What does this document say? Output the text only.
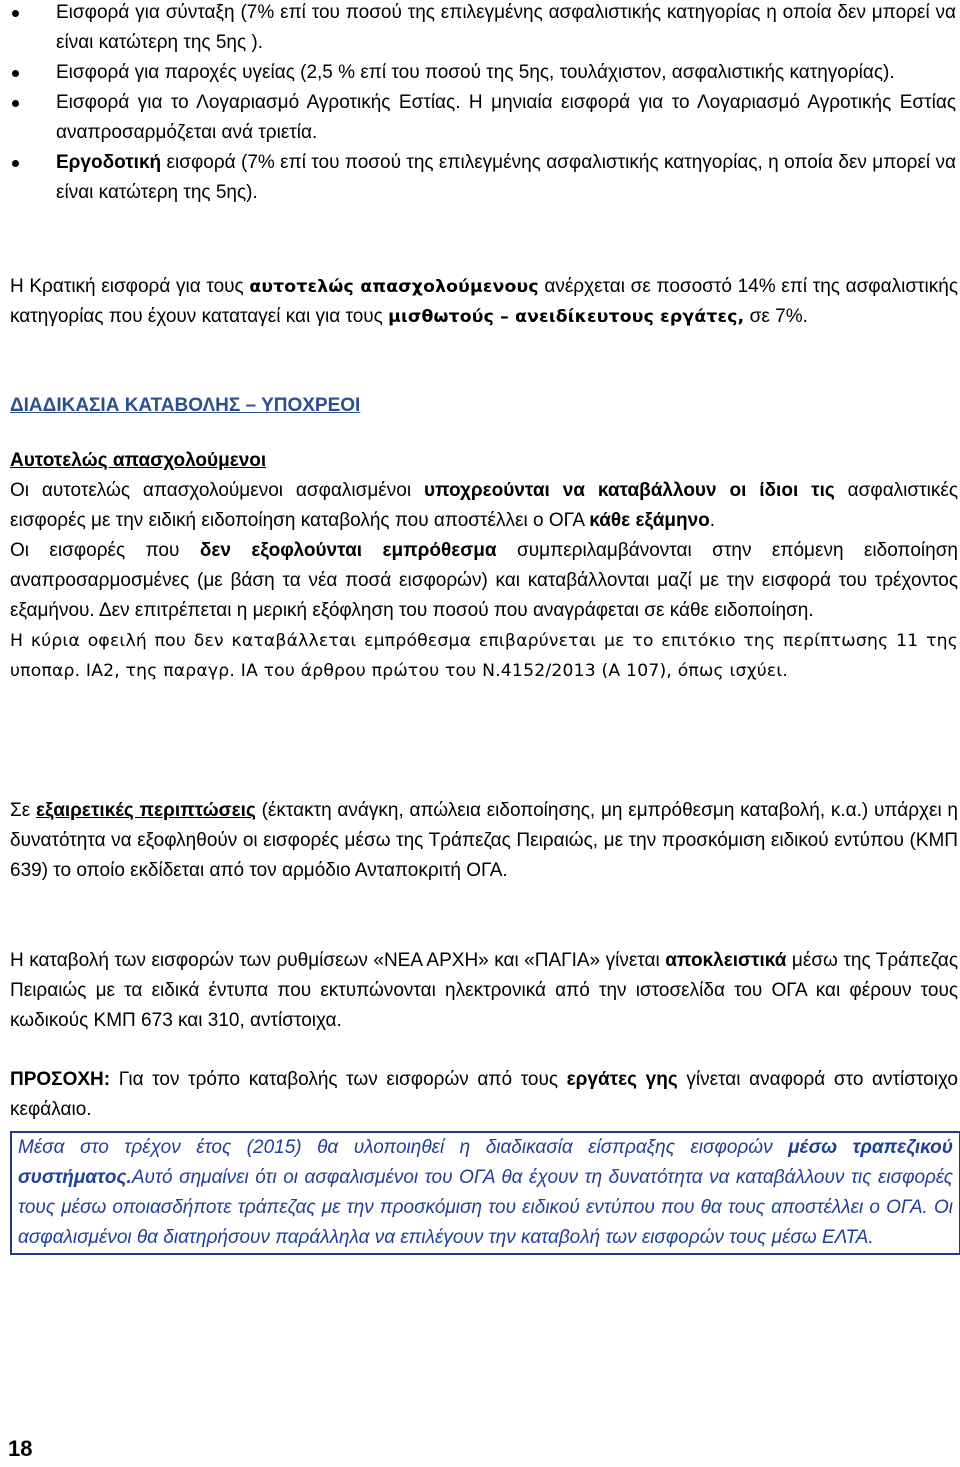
Εισφορά για σύνταξη (7% επί του ποσού της επιλεγμένης ασφαλιστικής κατηγορίας η οποία δεν μπορεί να είναι κατώτερη της 5ης ).
Εισφορά για παροχές υγείας (2,5 % επί του ποσού της 5ης, τουλάχιστον, ασφαλιστικής κατηγορίας).
Εισφορά για το Λογαριασμό Αγροτικής Εστίας. Η μηνιαία εισφορά για το Λογαριασμό Αγροτικής Εστίας αναπροσαρμόζεται ανά τριετία.
Εργοδοτική εισφορά (7% επί του ποσού της επιλεγμένης ασφαλιστικής κατηγορίας, η οποία δεν μπορεί να είναι κατώτερη της 5ης).

Η Κρατική εισφορά για τους αυτοτελώς απασχολούμενους ανέρχεται σε ποσοστό 14% επί της ασφαλιστικής κατηγορίας που έχουν καταταγεί και για τους μισθωτούς – ανειδίκευτους εργάτες, σε 7%.

ΔΙΑΔΙΚΑΣΙΑ ΚΑΤΑΒΟΛΗΣ – ΥΠΟΧΡΕΟΙ

Αυτοτελώς απασχολούμενοι

Οι αυτοτελώς απασχολούμενοι ασφαλισμένοι υποχρεούνται να καταβάλλουν οι ίδιοι τις ασφαλιστικές εισφορές με την ειδική ειδοποίηση καταβολής που αποστέλλει ο ΟΓΑ κάθε εξάμηνο.

Οι εισφορές που δεν εξοφλούνται εμπρόθεσμα συμπεριλαμβάνονται στην επόμενη ειδοποίηση αναπροσαρμοσμένες (με βάση τα νέα ποσά εισφορών) και καταβάλλονται μαζί με την εισφορά του τρέχοντος εξαμήνου. Δεν επιτρέπεται η μερική εξόφληση του ποσού που αναγράφεται σε κάθε ειδοποίηση.

Η κύρια οφειλή που δεν καταβάλλεται εμπρόθεσμα επιβαρύνεται με το επιτόκιο της περίπτωσης 11 της υποπαρ. ΙΑ2, της παραγρ. ΙΑ του άρθρου πρώτου του Ν.4152/2013 (Α 107), όπως ισχύει.

Σε εξαιρετικές περιπτώσεις (έκτακτη ανάγκη, απώλεια ειδοποίησης, μη εμπρόθεσμη καταβολή, κ.α.) υπάρχει η δυνατότητα να εξοφληθούν οι εισφορές μέσω της Τράπεζας Πειραιώς, με την προσκόμιση ειδικού εντύπου (ΚΜΠ 639) το οποίο εκδίδεται από τον αρμόδιο Ανταποκριτή ΟΓΑ.

Η καταβολή των εισφορών των ρυθμίσεων «ΝΕΑ ΑΡΧΗ» και «ΠΑΓΙΑ» γίνεται αποκλειστικά μέσω της Τράπεζας Πειραιώς με τα ειδικά έντυπα που εκτυπώνονται ηλεκτρονικά από την ιστοσελίδα του ΟΓΑ και φέρουν τους κωδικούς ΚΜΠ 673 και 310, αντίστοιχα.

ΠΡΟΣΟΧΗ: Για τον τρόπο καταβολής των εισφορών από τους εργάτες γης γίνεται αναφορά στο αντίστοιχο κεφάλαιο.

Μέσα στο τρέχον έτος (2015) θα υλοποιηθεί η διαδικασία είσπραξης εισφορών μέσω τραπεζικού συστήματος.Αυτό σημαίνει ότι οι ασφαλισμένοι του ΟΓΑ θα έχουν τη δυνατότητα να καταβάλλουν τις εισφορές τους μέσω οποιασδήποτε τράπεζας με την προσκόμιση του ειδικού εντύπου που θα τους αποστέλλει ο ΟΓΑ. Οι ασφαλισμένοι θα διατηρήσουν παράλληλα να επιλέγουν την καταβολή των εισφορών τους μέσω ΕΛΤΑ.
18
